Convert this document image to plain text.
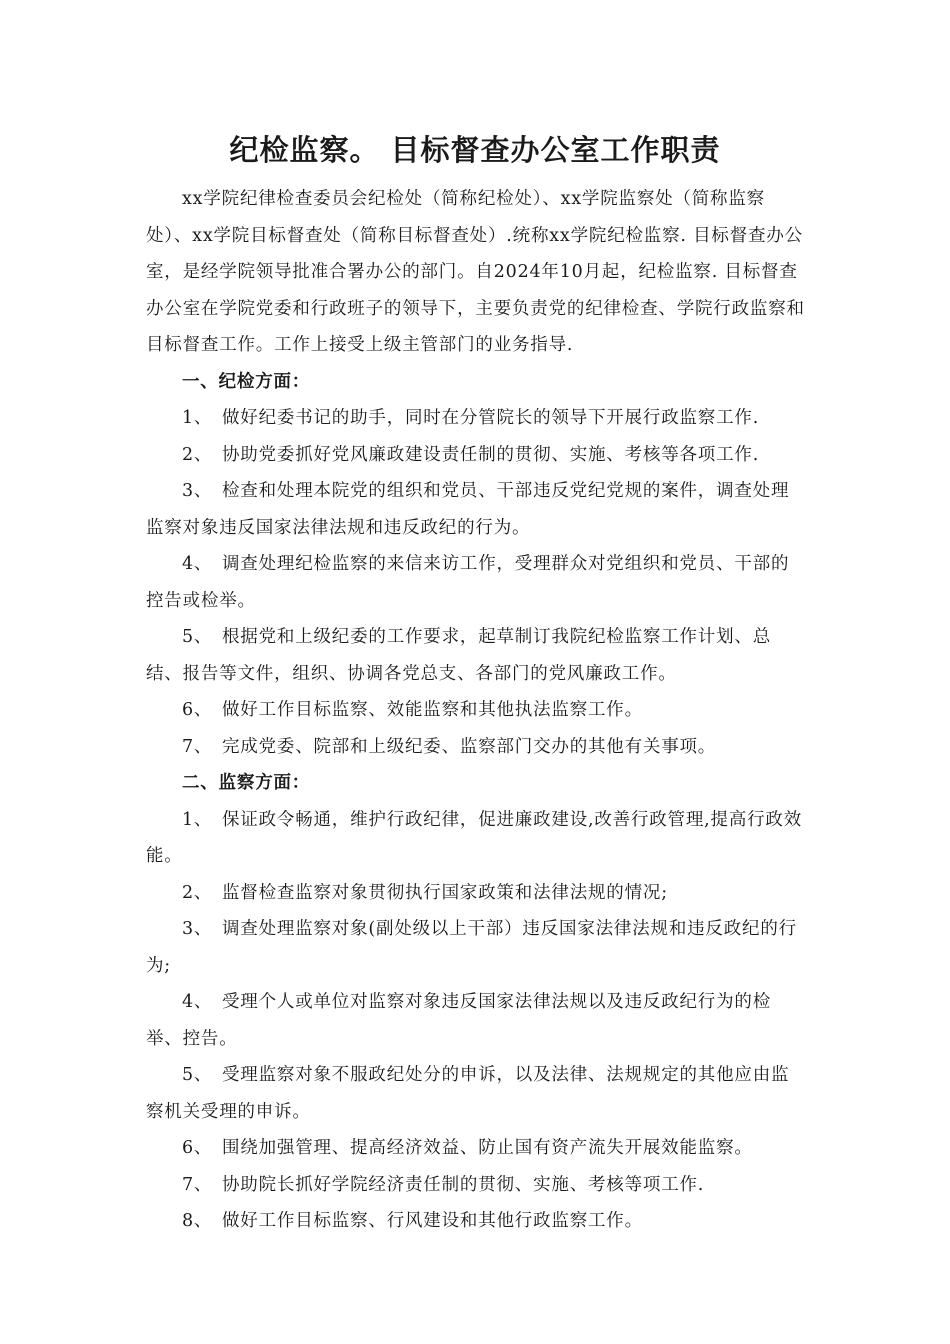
纪检监察。 目标督查办公室工作职责

xx学院纪律检查委员会纪检处（简称纪检处）、xx学院监察处（简称监察处）、xx学院目标督查处（简称目标督查处）.统称xx学院纪检监察. 目标督查办公室，是经学院领导批准合署办公的部门。自2024年10月起，纪检监察. 目标督查办公室在学院党委和行政班子的领导下，主要负责党的纪律检查、学院行政监察和目标督查工作。工作上接受上级主管部门的业务指导.

一、纪检方面：

1、 做好纪委书记的助手，同时在分管院长的领导下开展行政监察工作.

2、 协助党委抓好党风廉政建设责任制的贯彻、实施、考核等各项工作.

3、 检查和处理本院党的组织和党员、干部违反党纪党规的案件，调查处理监察对象违反国家法律法规和违反政纪的行为。

4、 调查处理纪检监察的来信来访工作，受理群众对党组织和党员、干部的控告或检举。

5、 根据党和上级纪委的工作要求，起草制订我院纪检监察工作计划、总结、报告等文件，组织、协调各党总支、各部门的党风廉政工作。

6、 做好工作目标监察、效能监察和其他执法监察工作。

7、 完成党委、院部和上级纪委、监察部门交办的其他有关事项。

二、监察方面：

1、 保证政令畅通，维护行政纪律，促进廉政建设,改善行政管理,提高行政效能。

2、 监督检查监察对象贯彻执行国家政策和法律法规的情况;

3、 调查处理监察对象(副处级以上干部）违反国家法律法规和违反政纪的行为;

4、 受理个人或单位对监察对象违反国家法律法规以及违反政纪行为的检举、控告。

5、 受理监察对象不服政纪处分的申诉，以及法律、法规规定的其他应由监察机关受理的申诉。

6、 围绕加强管理、提高经济效益、防止国有资产流失开展效能监察。

7、 协助院长抓好学院经济责任制的贯彻、实施、考核等项工作.

8、 做好工作目标监察、行风建设和其他行政监察工作。
